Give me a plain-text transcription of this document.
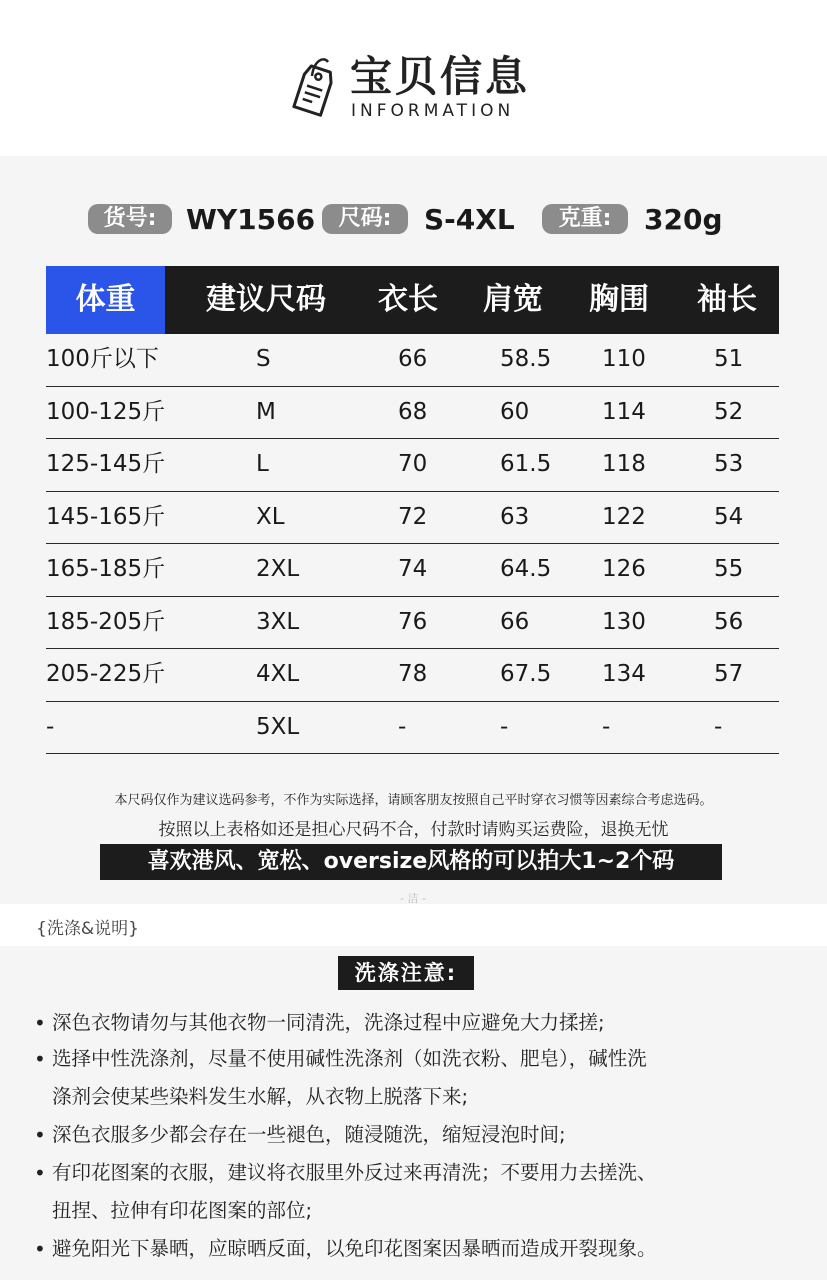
宝贝信息
INFORMATION
货号:	WY1566	尺码:	S-4XL	克重:	320g
体重	建议尺码 衣长 肩宽 胸围 袖长
100斤以下	S	66	58.5 110	51
100-125斤	M	68	60	114	52
125-145斤	L	70	61.5 118	53
145-165斤	XL	72	63	122	54
165-185斤	2XL	74	64.5 126	55
185-205斤	3XL	76	66	130	56
205-225斤	4XL	78	67.5 134	57
-	5XL	-	-	-	-
本尺码仅作为建议选码参考，不作为实际选择，请顾客朋友按照自己平时穿衣习惯等因素综合考虑选码。
按照以上表格如还是担心尺码不合，付款时请购买运费险，退换无忧
喜欢港风、宽松、oversize风格的可以拍大1~2个码
- 洁 -
{洗涤&说明}
洗涤注意:
• 深色衣物请勿与其他衣物一同清洗，洗涤过程中应避免大力揉搓;
• 选择中性洗涤剂，尽量不使用碱性洗涤剂（如洗衣粉、肥皂），碱性洗
涤剂会使某些染料发生水解，从衣物上脱落下来;
• 深色衣服多少都会存在一些褪色，随浸随洗，缩短浸泡时间;
• 有印花图案的衣服，建议将衣服里外反过来再清洗；不要用力去搓洗、
扭捏、拉伸有印花图案的部位;
• 避免阳光下暴晒，应晾晒反面，以免印花图案因暴晒而造成开裂现象。
